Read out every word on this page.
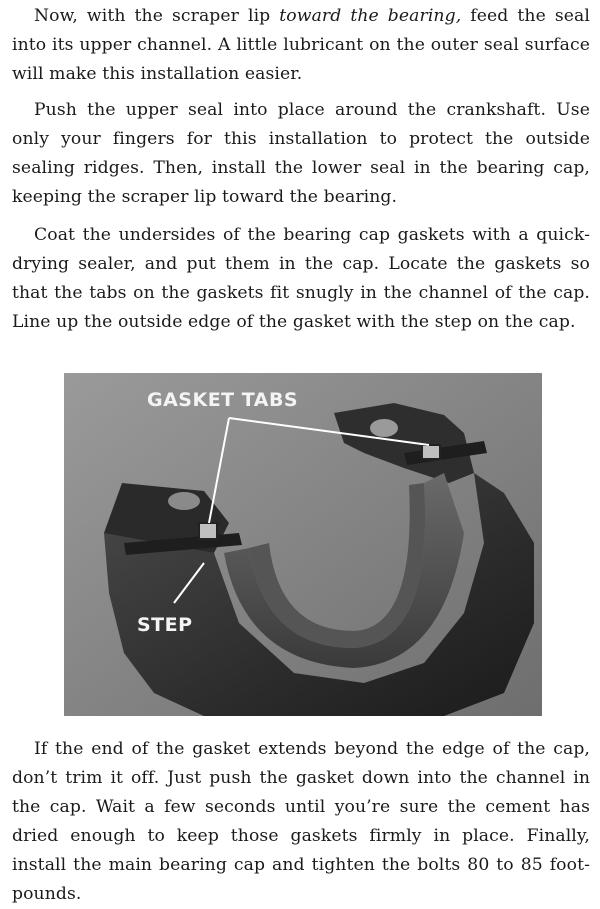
Now, with the scraper lip toward the bearing, feed the seal into its upper channel. A little lubricant on the outer seal surface will make this installation easier.

Push the upper seal into place around the crankshaft. Use only your fingers for this installation to protect the outside sealing ridges. Then, install the lower seal in the bearing cap, keeping the scraper lip toward the bearing.

Coat the undersides of the bearing cap gaskets with a quick-drying sealer, and put them in the cap. Locate the gaskets so that the tabs on the gaskets fit snugly in the channel of the cap. Line up the outside edge of the gasket with the step on the cap.

If the end of the gasket extends beyond the edge of the cap, don’t trim it off. Just push the gasket down into the channel in the cap. Wait a few seconds until you’re sure the cement has dried enough to keep those gaskets firmly in place. Finally, install the main bearing cap and tighten the bolts 80 to 85 foot-pounds.

GASKET TABS
STEP
